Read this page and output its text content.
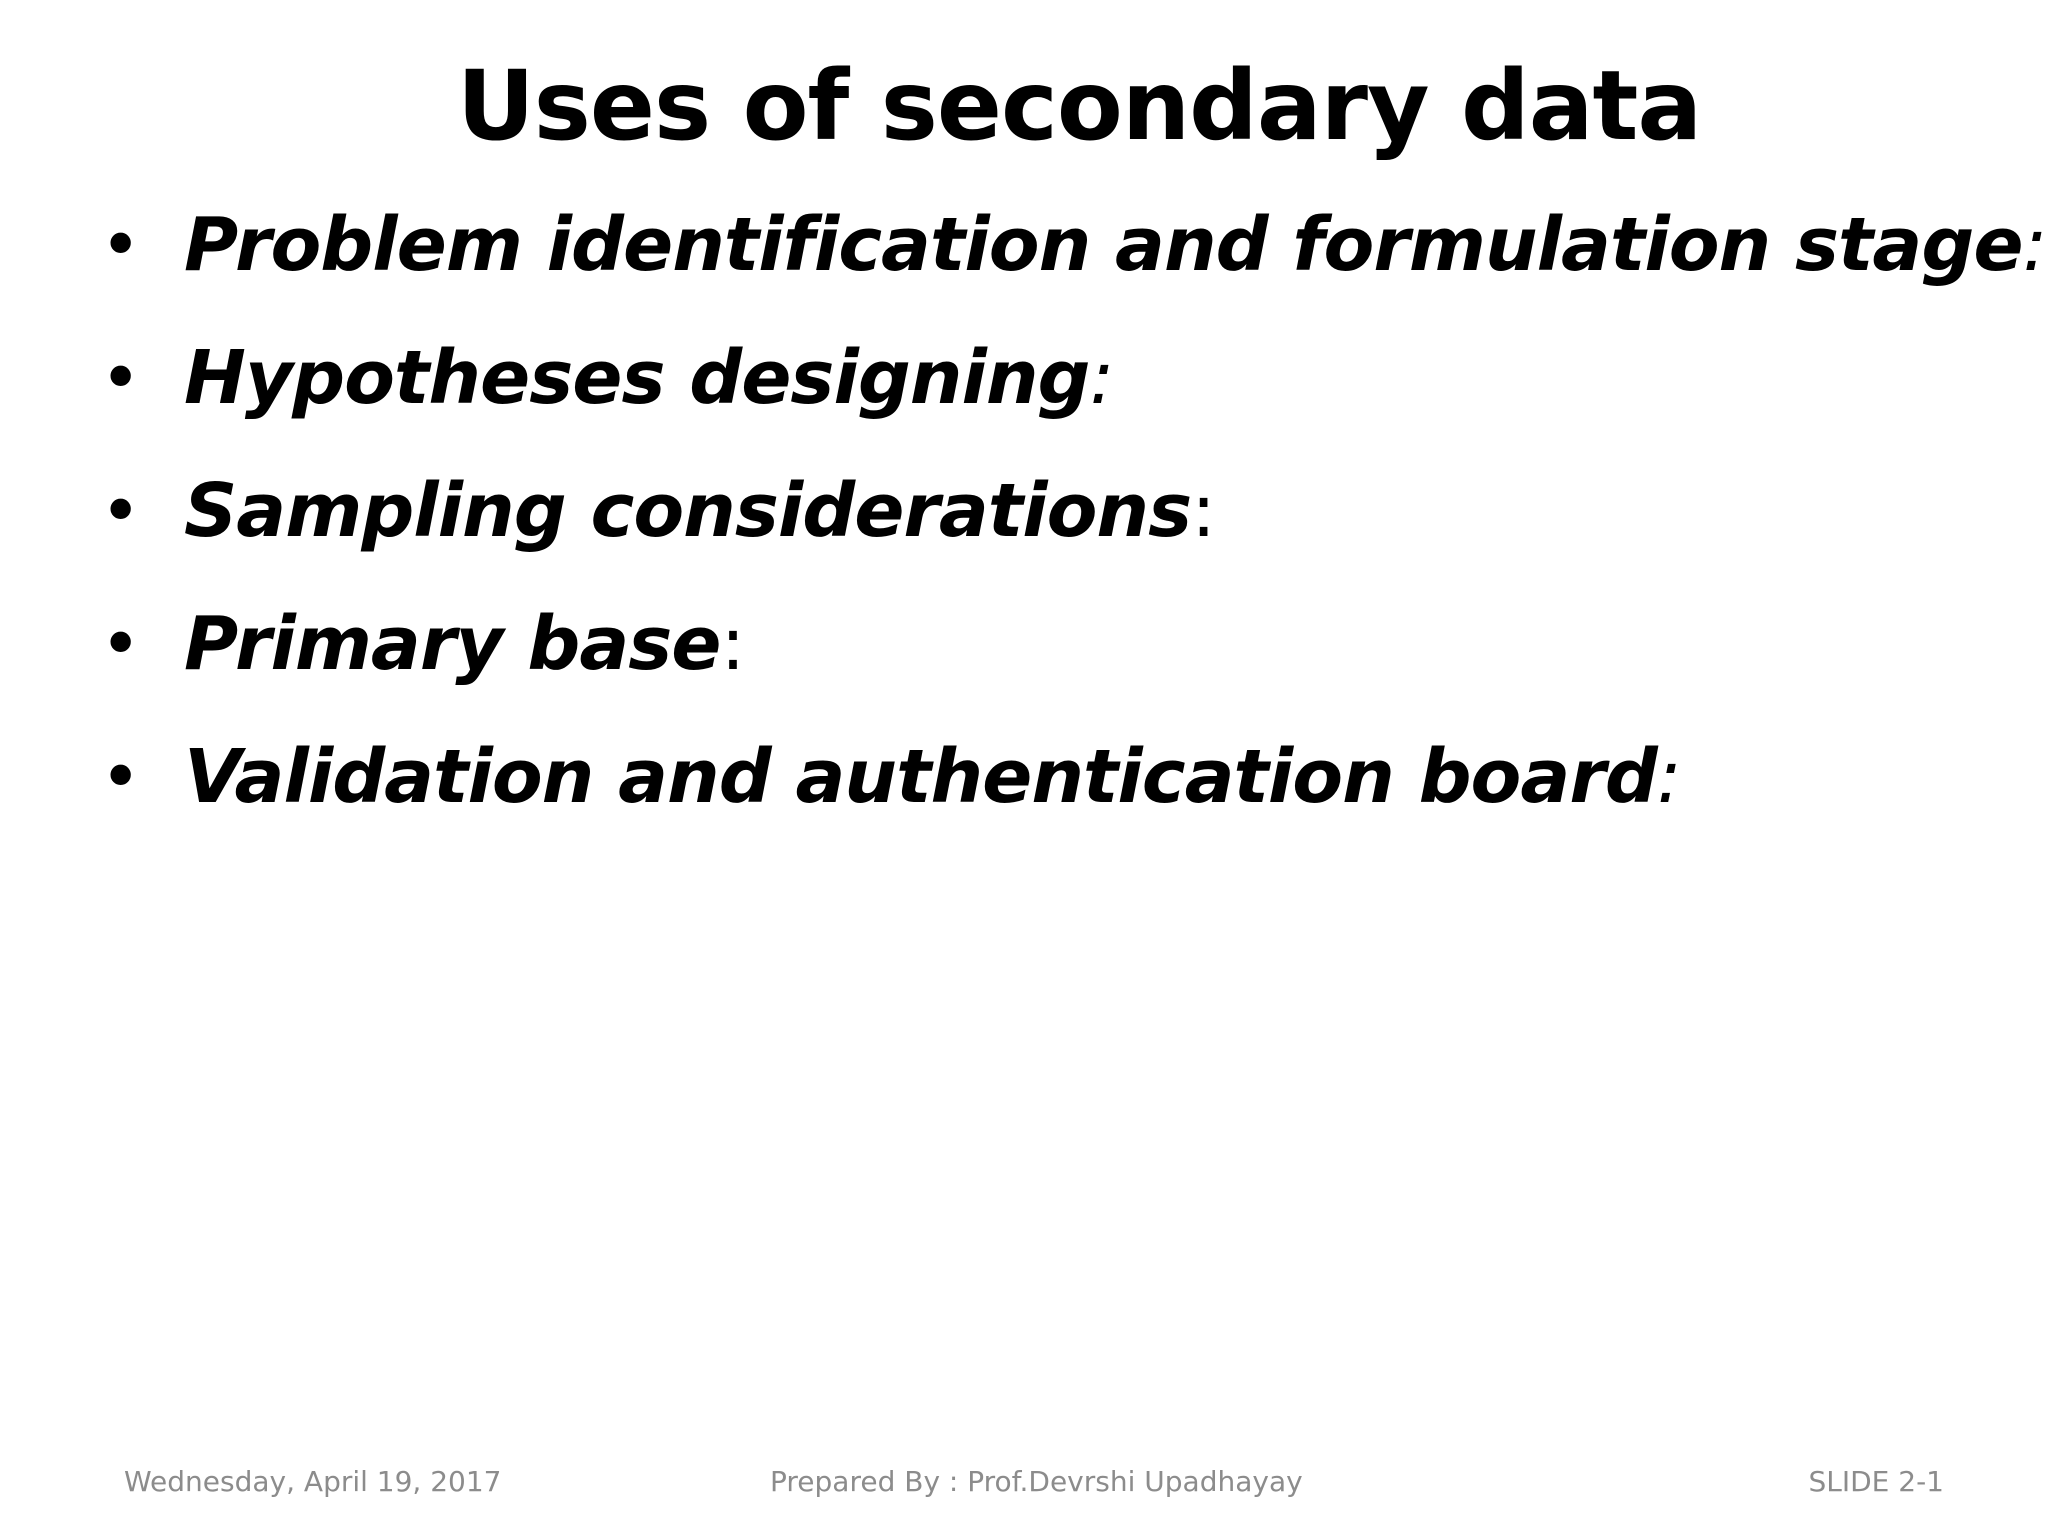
Uses of secondary data
• Problem identification and formulation stage:
• Hypotheses designing:
• Sampling considerations:
• Primary base:
• Validation and authentication board:
Wednesday, April 19, 2017	Prepared By : Prof.Devrshi Upadhayay	SLIDE 2-1
